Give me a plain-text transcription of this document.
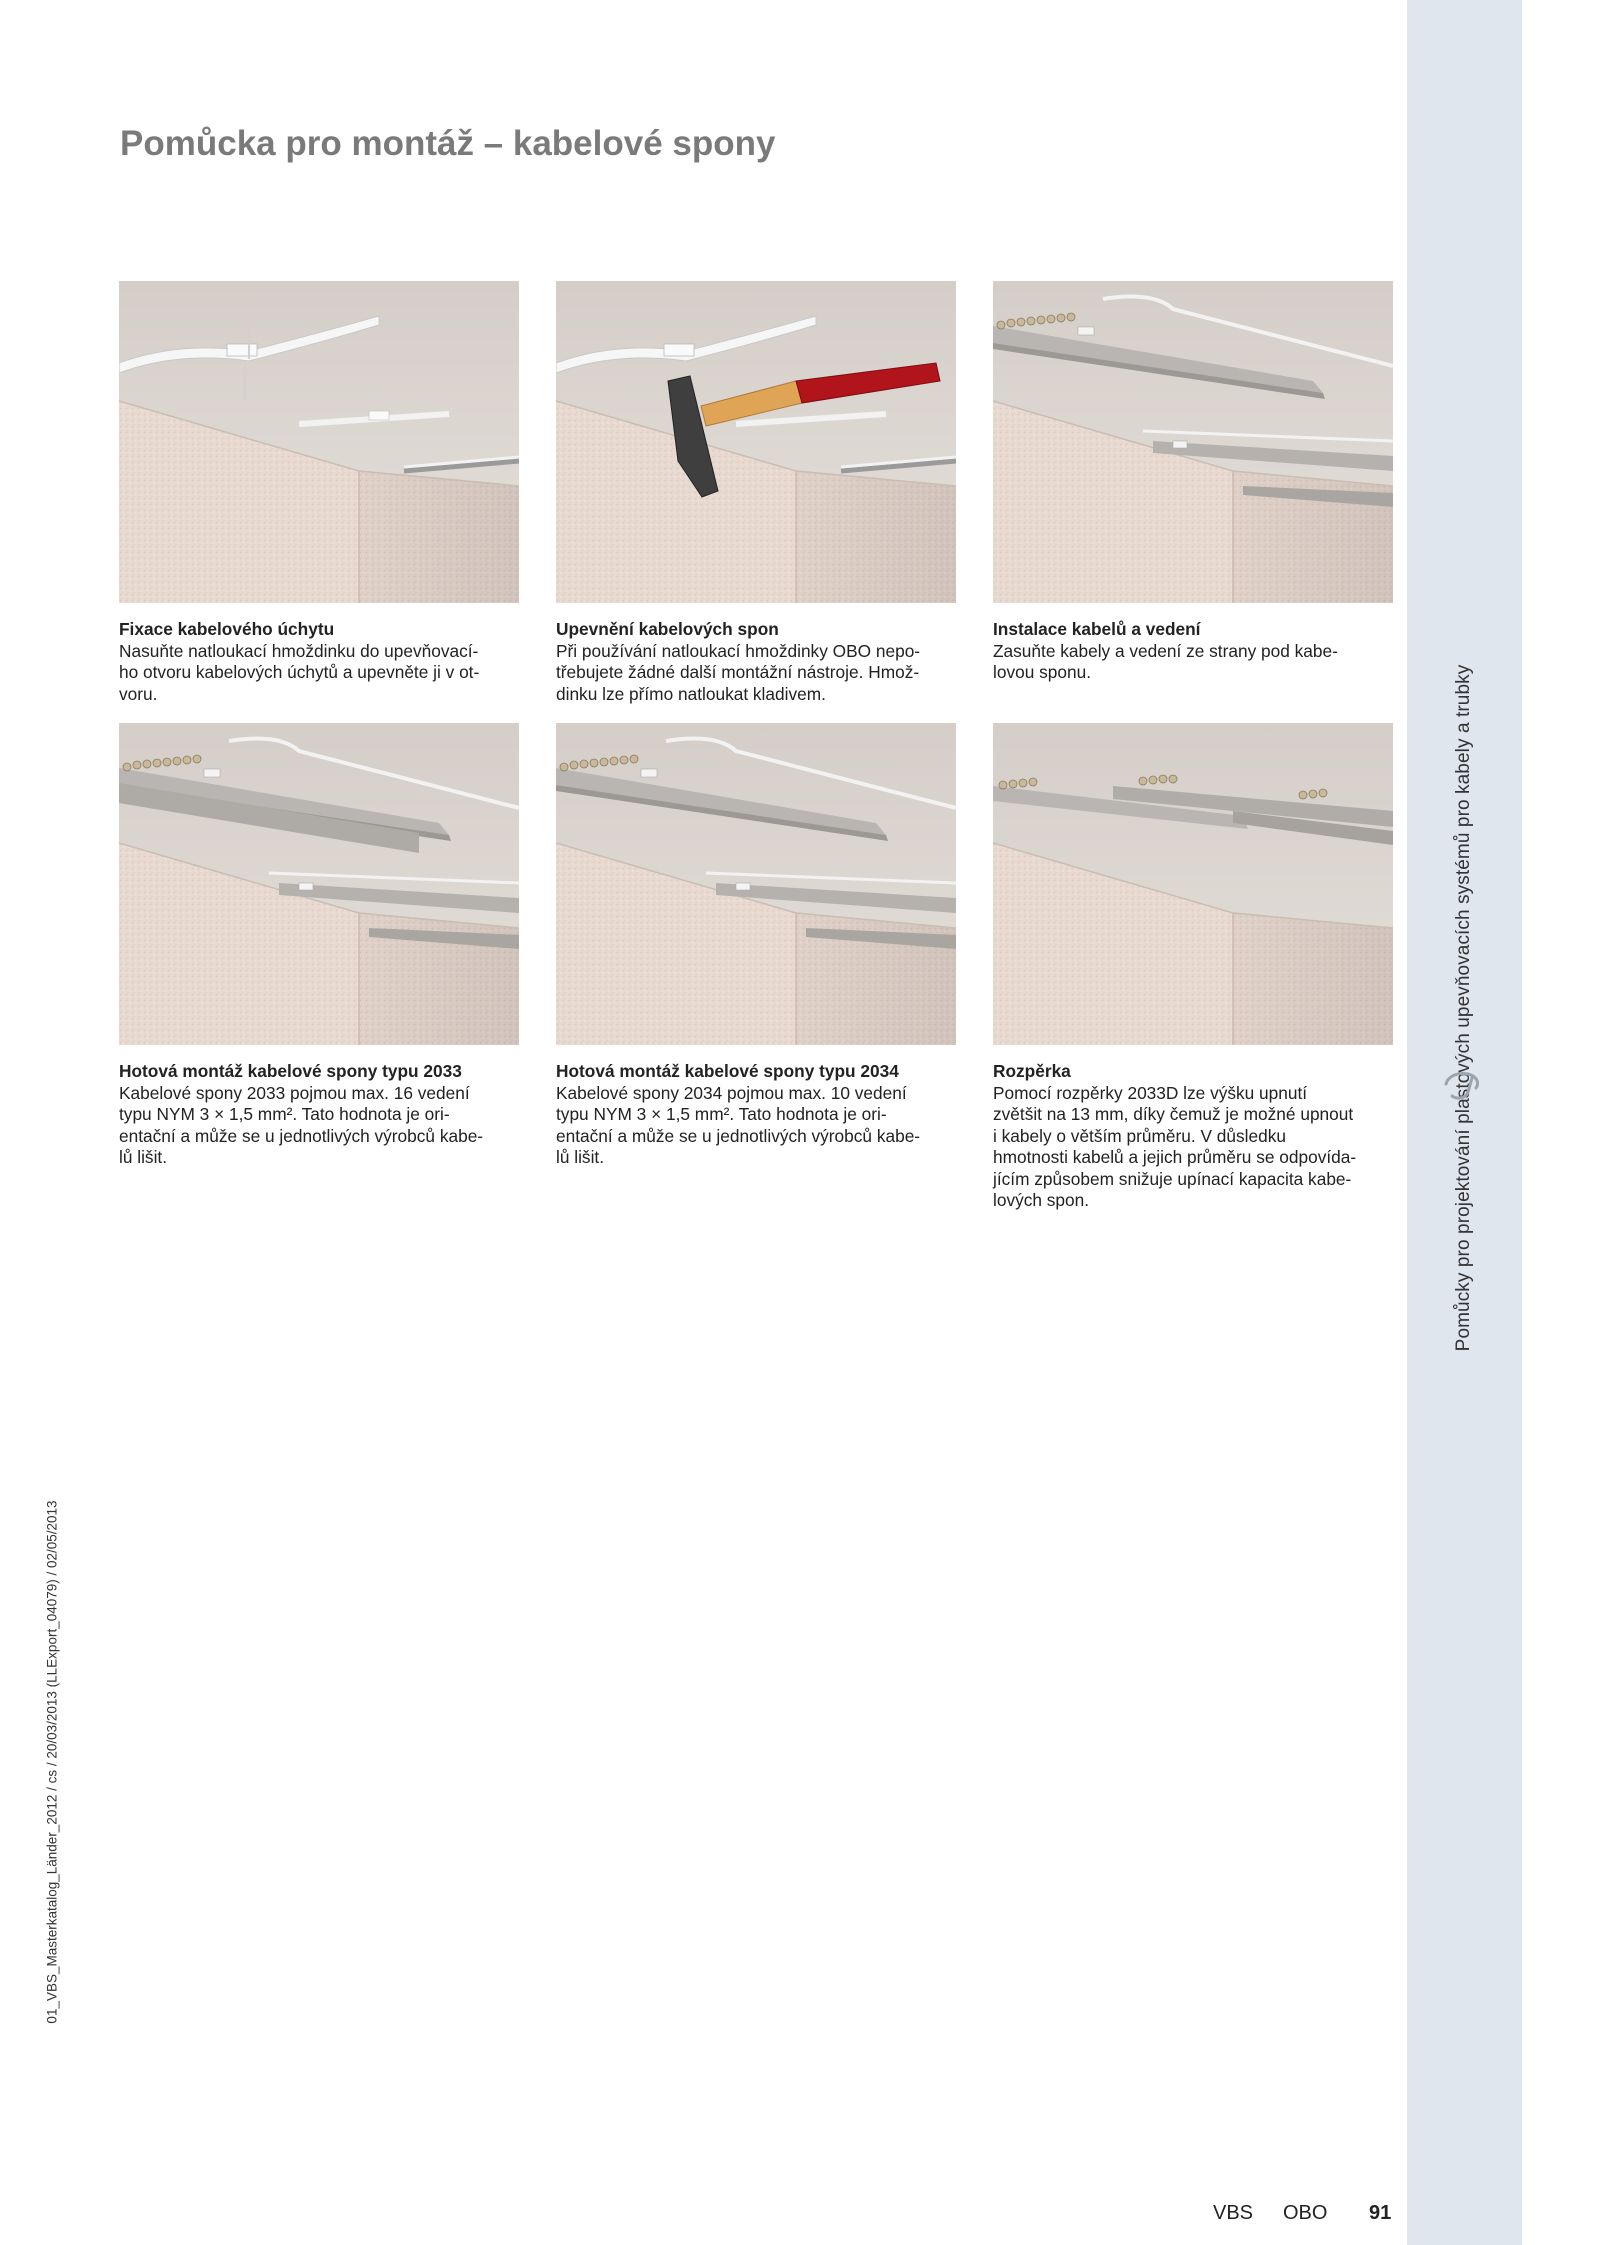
Pomůcky pro projektování plastových upevňovacích systémů pro kabely a trubky
01_VBS_Masterkatalog_Länder_2012 / cs / 20/03/2013 (LLExport_04079) / 02/05/2013
Pomůcka pro montáž – kabelové spony
Fixace kabelového úchytu
Nasuňte natloukací hmoždinku do upevňovací-
ho otvoru kabelových úchytů a upevněte ji v ot-
voru.
Upevnění kabelových spon
Při používání natloukací hmoždinky OBO nepo-
třebujete žádné další montážní nástroje. Hmož-
dinku lze přímo natloukat kladivem.
Instalace kabelů a vedení
Zasuňte kabely a vedení ze strany pod kabe-
lovou sponu.
Hotová montáž kabelové spony typu 2033
Kabelové spony 2033 pojmou max. 16 vedení
typu NYM 3 × 1,5 mm². Tato hodnota je ori-
entační a může se u jednotlivých výrobců kabe-
lů lišit.
Hotová montáž kabelové spony typu 2034
Kabelové spony 2034 pojmou max. 10 vedení
typu NYM 3 × 1,5 mm². Tato hodnota je ori-
entační a může se u jednotlivých výrobců kabe-
lů lišit.
Rozpěrka
Pomocí rozpěrky 2033D lze výšku upnutí
zvětšit na 13 mm, díky čemuž je možné upnout
i kabely o větším průměru. V důsledku
hmotnosti kabelů a jejich průměru se odpovída-
jícím způsobem snižuje upínací kapacita kabe-
lových spon.
VBS OBO 91
